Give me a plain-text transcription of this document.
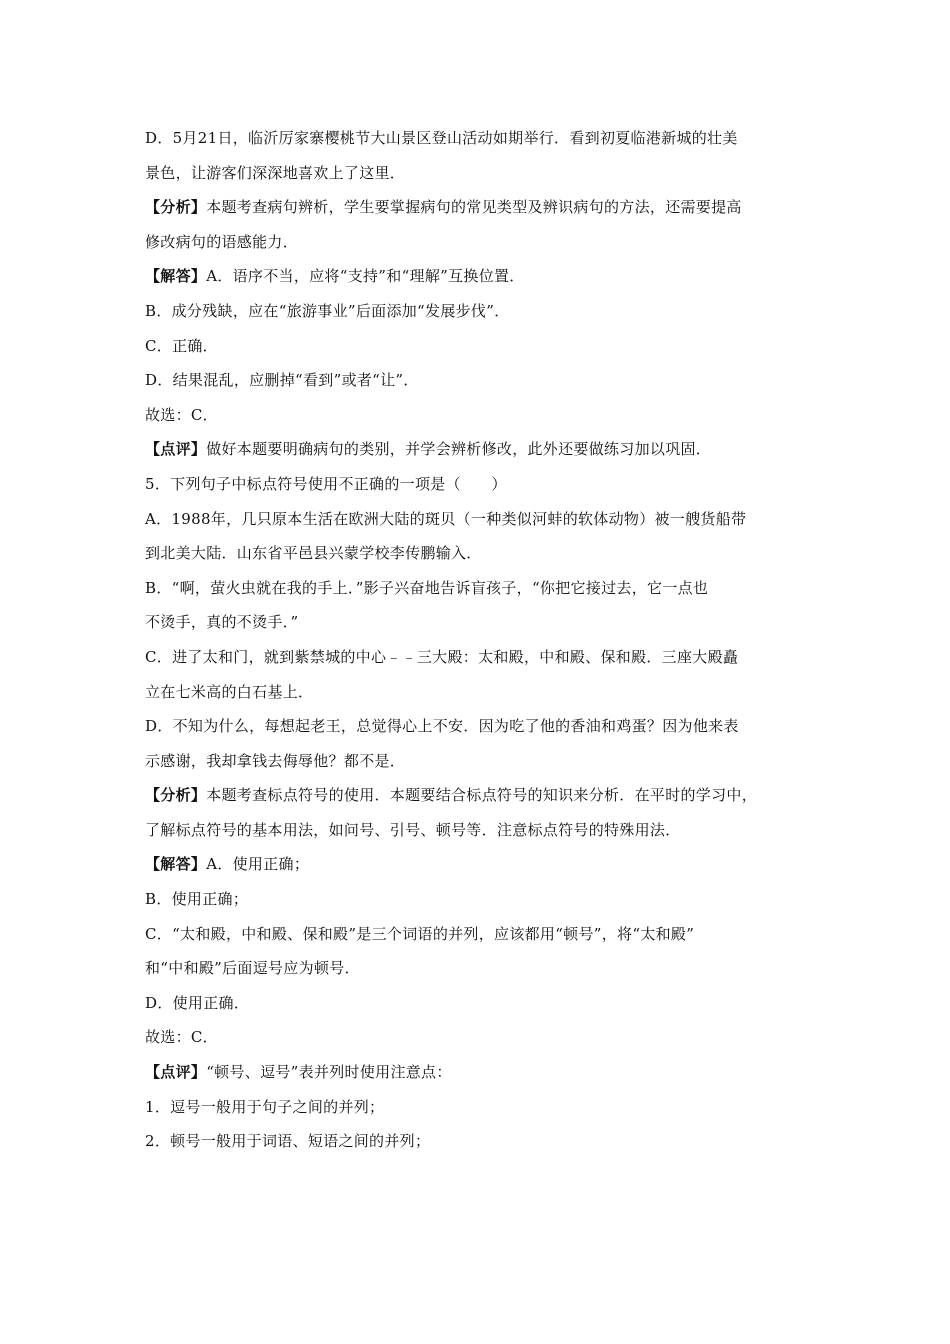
D．5月21日，临沂厉家寨樱桃节大山景区登山活动如期举行．看到初夏临港新城的壮美
景色，让游客们深深地喜欢上了这里．
【分析】本题考查病句辨析，学生要掌握病句的常见类型及辨识病句的方法，还需要提高
修改病句的语感能力．
【解答】A．语序不当，应将“支持”和“理解”互换位置．
B．成分残缺，应在“旅游事业”后面添加“发展步伐”．
C．正确．
D．结果混乱，应删掉“看到”或者“让”．
故选：C．
【点评】做好本题要明确病句的类别，并学会辨析修改，此外还要做练习加以巩固．
5．下列句子中标点符号使用不正确的一项是（　　）
A．1988年，几只原本生活在欧洲大陆的斑贝（一种类似河蚌的软体动物）被一艘货船带
到北美大陆．山东省平邑县兴蒙学校李传鹏输入．
B．“啊，萤火虫就在我的手上．”影子兴奋地告诉盲孩子，“你把它接过去，它一点也
不烫手，真的不烫手．”
C．进了太和门，就到紫禁城的中心﹣﹣三大殿：太和殿，中和殿、保和殿．三座大殿矗
立在七米高的白石基上．
D．不知为什么，每想起老王，总觉得心上不安．因为吃了他的香油和鸡蛋？因为他来表
示感谢，我却拿钱去侮辱他？都不是．
【分析】本题考查标点符号的使用．本题要结合标点符号的知识来分析．在平时的学习中，
了解标点符号的基本用法，如问号、引号、顿号等．注意标点符号的特殊用法．
【解答】A．使用正确；
B．使用正确；
C．“太和殿，中和殿、保和殿”是三个词语的并列，应该都用“顿号”，将“太和殿”
和“中和殿”后面逗号应为顿号．
D．使用正确．
故选：C．
【点评】“顿号、逗号”表并列时使用注意点：
1．逗号一般用于句子之间的并列；
2．顿号一般用于词语、短语之间的并列；
